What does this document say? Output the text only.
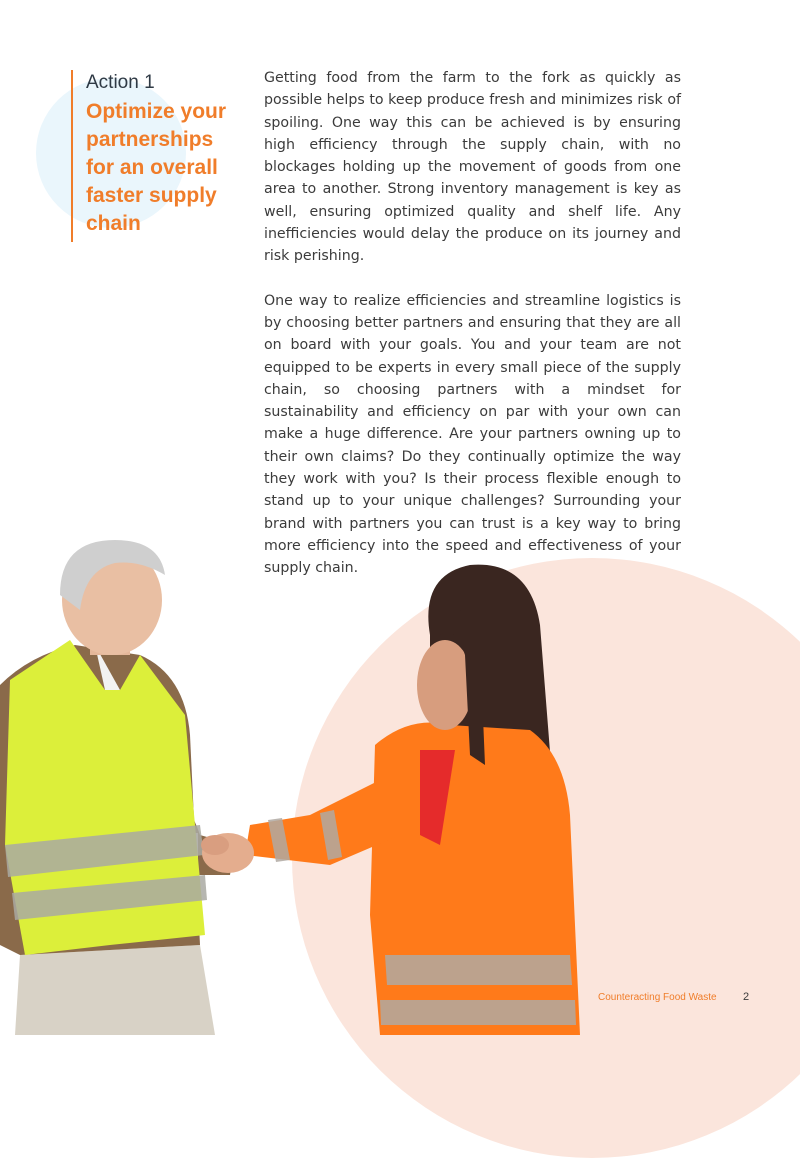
Action 1
Optimize your partnerships for an overall faster supply chain

Getting food from the farm to the fork as quickly as possible helps to keep produce fresh and minimizes risk of spoiling. One way this can be achieved is by ensuring high efficiency through the supply chain, with no blockages holding up the movement of goods from one area to another. Strong inventory management is key as well, ensuring optimized quality and shelf life. Any inefficiencies would delay the produce on its journey and risk perishing.

One way to realize efficiencies and streamline logistics is by choosing better partners and ensuring that they are all on board with your goals. You and your team are not equipped to be experts in every small piece of the supply chain, so choosing partners with a mindset for sustainability and efficiency on par with your own can make a huge difference. Are your partners owning up to their own claims? Do they continually optimize the way they work with you? Is their process flexible enough to stand up to your unique challenges? Surrounding your brand with partners you can trust is a key way to bring more efficiency into the speed and effectiveness of your supply chain.

Counteracting Food Waste 2
